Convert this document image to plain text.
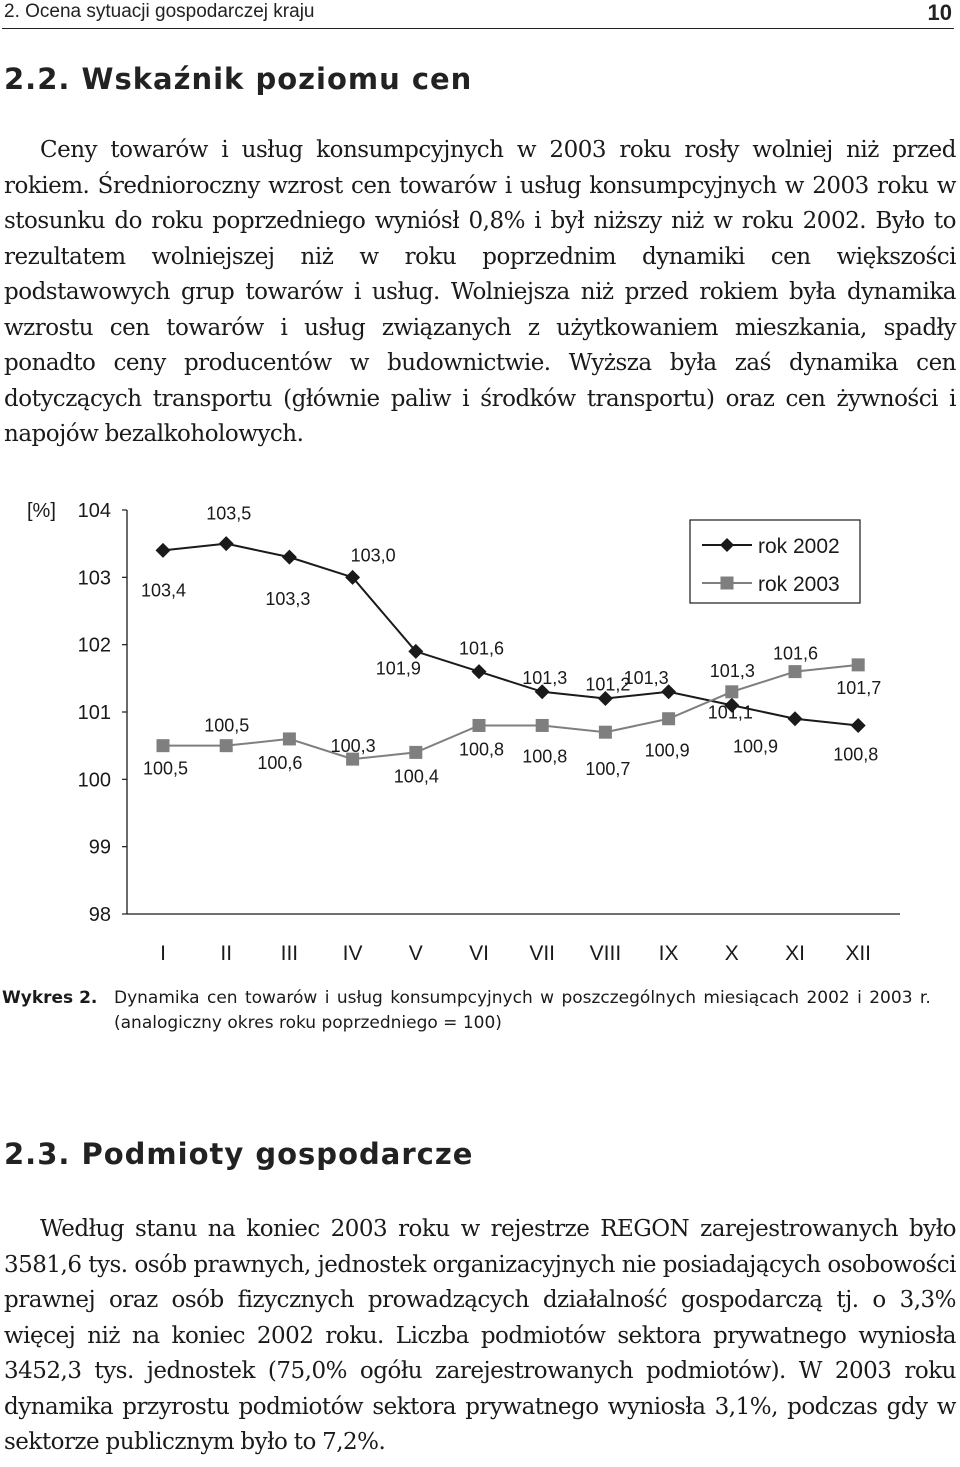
2. Ocena sytuacji gospodarczej kraju	10
2.2. Wskaźnik poziomu cen

Ceny towarów i usług konsumpcyjnych w 2003 roku rosły wolniej niż przed rokiem. Średnioroczny wzrost cen towarów i usług konsumpcyjnych w 2003 roku w stosunku do roku poprzedniego wyniósł 0,8% i był niższy niż w roku 2002. Było to rezultatem wolniejszej niż w roku poprzednim dynamiki cen większości podstawowych grup towarów i usług. Wolniejsza niż przed rokiem była dynamika wzrostu cen towarów i usług związanych z użytkowaniem mieszkania, spadły ponadto ceny producentów w budownictwie. Wyższa była zaś dynamika cen dotyczących transportu (głównie paliw i środków transportu) oraz cen żywności i napojów bezalkoholowych.

98
99
100
101
102
103
104
[%]
I	II III IV V VI VII VIII IX X XI XII
103,4
103,5
103,3
103,0
101,9
101,6
101,3 101,2
101,3
101,1
100,9	100,8
100,5
100,5
100,6
100,3
100,4
100,8 100,8
100,7
100,9
101,3
101,6
101,7
rok 2002
rok 2003
Wykres 2. Dynamika cen towarów i usług konsumpcyjnych w poszczególnych miesiącach 2002 i 2003 r.
(analogiczny okres roku poprzedniego = 100)
2.3. Podmioty gospodarcze

Według stanu na koniec 2003 roku w rejestrze REGON zarejestrowanych było 3581,6 tys. osób prawnych, jednostek organizacyjnych nie posiadających osobowości prawnej oraz osób fizycznych prowadzących działalność gospodarczą tj. o 3,3% więcej niż na koniec 2002 roku. Liczba podmiotów sektora prywatnego wyniosła 3452,3 tys. jednostek (75,0% ogółu zarejestrowanych podmiotów). W 2003 roku dynamika przyrostu podmiotów sektora prywatnego wyniosła 3,1%, podczas gdy w sektorze publicznym było to 7,2%.
